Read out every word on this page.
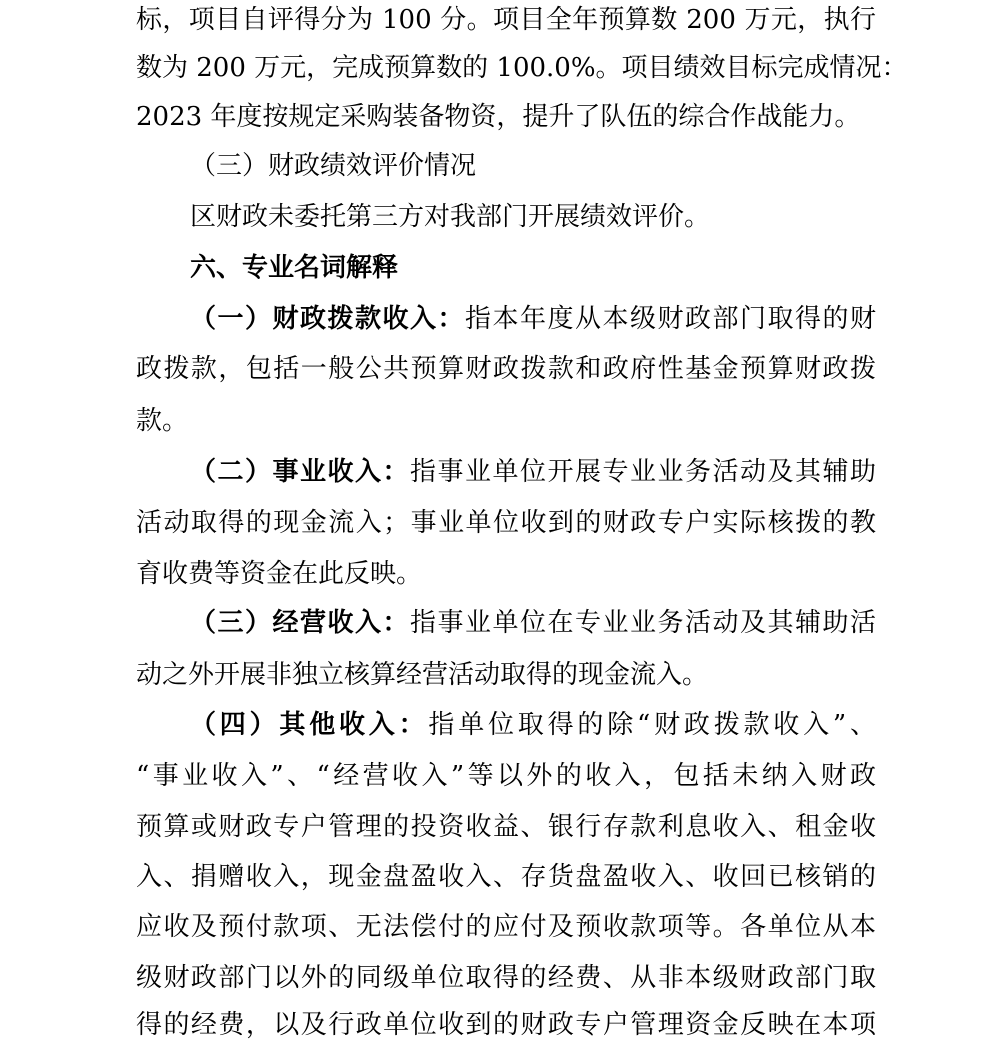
标，项目自评得分为 100 分。项目全年预算数 200 万元，执行
数为 200 万元，完成预算数的 100.0%。项目绩效目标完成情况：
2023 年度按规定采购装备物资，提升了队伍的综合作战能力。
（三）财政绩效评价情况
区财政未委托第三方对我部门开展绩效评价。
六、专业名词解释
（一）财政拨款收入：指本年度从本级财政部门取得的财
政拨款，包括一般公共预算财政拨款和政府性基金预算财政拨
款。
（二）事业收入：指事业单位开展专业业务活动及其辅助
活动取得的现金流入；事业单位收到的财政专户实际核拨的教
育收费等资金在此反映。
（三）经营收入：指事业单位在专业业务活动及其辅助活
动之外开展非独立核算经营活动取得的现金流入。
（四）其他收入：指单位取得的除“财政拨款收入”、
“事业收入”、“经营收入”等以外的收入，包括未纳入财政
预算或财政专户管理的投资收益、银行存款利息收入、租金收
入、捐赠收入，现金盘盈收入、存货盘盈收入、收回已核销的
应收及预付款项、无法偿付的应付及预收款项等。各单位从本
级财政部门以外的同级单位取得的经费、从非本级财政部门取
得的经费，以及行政单位收到的财政专户管理资金反映在本项
